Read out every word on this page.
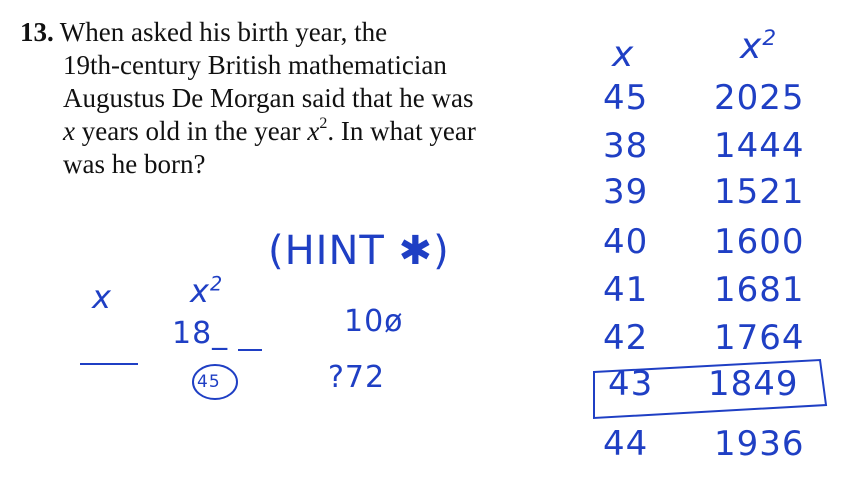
13. When asked his birth year, the
19th-century British mathematician
Augustus De Morgan said that he was
x years old in the year $x^2$. In what year
was he born?
(HINT ✱)
x $x^2$
18_
45
10ø
?72
x	$x^2$
45 2025
38 1444
39 1521
40 1600
41 1681
42 1764
43 1849
44 1936
